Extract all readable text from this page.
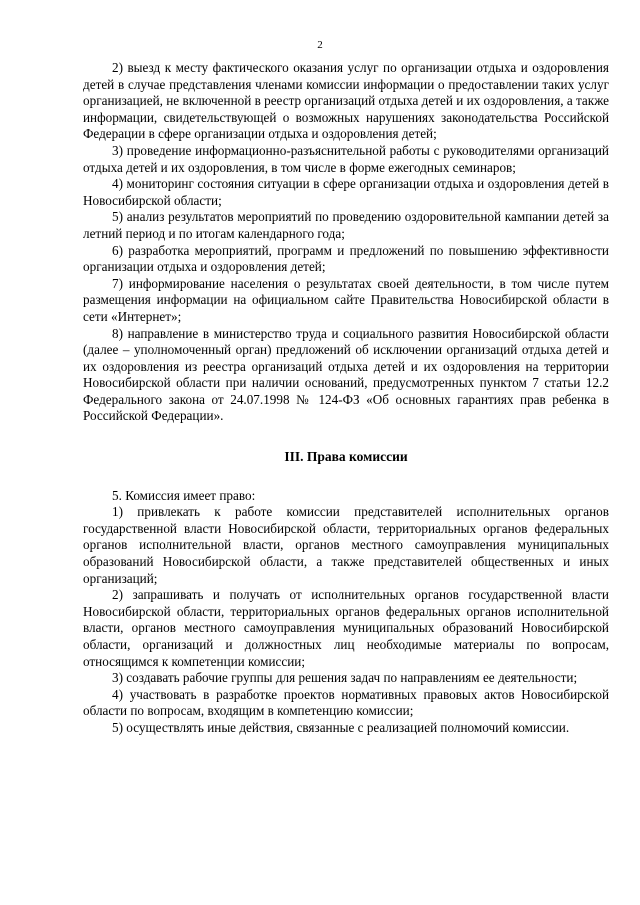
2

2) выезд к месту фактического оказания услуг по организации отдыха и оздоровления детей в случае представления членами комиссии информации о предоставлении таких услуг организацией, не включенной в реестр организаций отдыха детей и их оздоровления, а также информации, свидетельствующей о возможных нарушениях законодательства Российской Федерации в сфере организации отдыха и оздоровления детей;

3) проведение информационно-разъяснительной работы с руководителями организаций отдыха детей и их оздоровления, в том числе в форме ежегодных семинаров;

4) мониторинг состояния ситуации в сфере организации отдыха и оздоровления детей в Новосибирской области;

5) анализ результатов мероприятий по проведению оздоровительной кампании детей за летний период и по итогам календарного года;

6) разработка мероприятий, программ и предложений по повышению эффективности организации отдыха и оздоровления детей;

7) информирование населения о результатах своей деятельности, в том числе путем размещения информации на официальном сайте Правительства Новосибирской области в сети «Интернет»;

8) направление в министерство труда и социального развития Новосибирской области (далее – уполномоченный орган) предложений об исключении организаций отдыха детей и их оздоровления из реестра организаций отдыха детей и их оздоровления на территории Новосибирской области при наличии оснований, предусмотренных пунктом 7 статьи 12.2 Федерального закона от 24.07.1998 № 124-ФЗ «Об основных гарантиях прав ребенка в Российской Федерации».

III. Права комиссии

5. Комиссия имеет право:

1) привлекать к работе комиссии представителей исполнительных органов государственной власти Новосибирской области, территориальных органов федеральных органов исполнительной власти, органов местного самоуправления муниципальных образований Новосибирской области, а также представителей общественных и иных организаций;

2) запрашивать и получать от исполнительных органов государственной власти Новосибирской области, территориальных органов федеральных органов исполнительной власти, органов местного самоуправления муниципальных образований Новосибирской области, организаций и должностных лиц необходимые материалы по вопросам, относящимся к компетенции комиссии;

3) создавать рабочие группы для решения задач по направлениям ее деятельности;

4) участвовать в разработке проектов нормативных правовых актов Новосибирской области по вопросам, входящим в компетенцию комиссии;

5) осуществлять иные действия, связанные с реализацией полномочий комиссии.
